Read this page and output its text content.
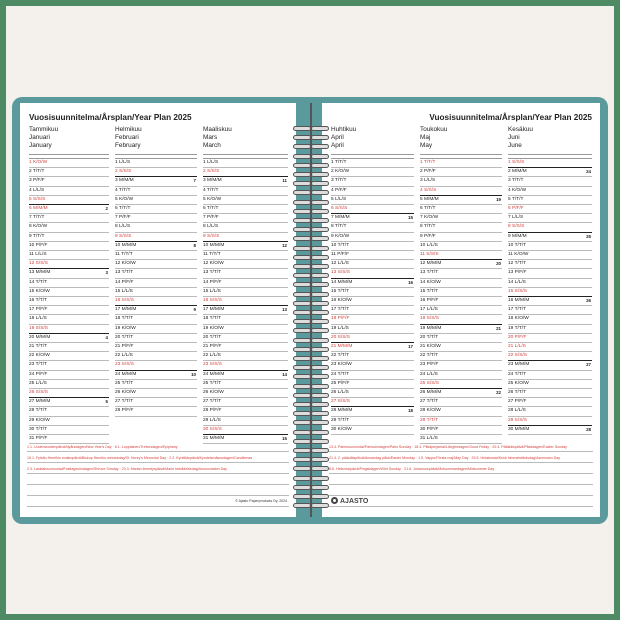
Vuosisuunnitelma/Årsplan/Year Plan 2025
Tammikuu
Januari
January
1 K/O/W
2 T/T/T
3 P/F/F
4 L/L/S
5 S/S/S
6 M/M/M	2
7 T/T/T
8 K/O/W
9 T/T/T
10 P/F/F
11 L/L/S
12 S/S/S
13 M/M/M	3
14 T/T/T
15 K/O/W
16 T/T/T
17 P/F/F
18 L/L/S
19 S/S/S
20 M/M/M	4
21 T/T/T
22 K/O/W
23 T/T/T
24 P/F/F
25 L/L/S
26 S/S/S
27 M/M/M	5
28 T/T/T
29 K/O/W
30 T/T/T
31 P/F/F
Helmikuu
Februari
February
1 L/L/S
2 S/S/S
3 M/M/M	7
4 T/T/T
5 K/O/W
6 T/T/T
7 P/F/F
8 L/L/S
9 S/S/S
10 M/M/M	8
11 T/T/T
12 K/O/W
13 T/T/T
14 P/F/F
15 L/L/S
16 S/S/S
17 M/M/M	9
18 T/T/T
19 K/O/W
20 T/T/T
21 P/F/F
22 L/L/S
23 S/S/S
24 M/M/M	10
25 T/T/T
26 K/O/W
27 T/T/T
28 P/F/F
Maaliskuu
Mars
March
1 L/L/S
2 S/S/S
3 M/M/M	11
4 T/T/T
5 K/O/W
6 T/T/T
7 P/F/F
8 L/L/S
9 S/S/S
10 M/M/M	12
11 T/T/T
12 K/O/W
13 T/T/T
14 P/F/F
15 L/L/S
16 S/S/S
17 M/M/M	13
18 T/T/T
19 K/O/W
20 T/T/T
21 P/F/F
22 L/L/S
23 S/S/S
24 M/M/M	14
25 T/T/T
26 K/O/W
27 T/T/T
28 P/F/F
29 L/L/S
30 S/S/S
31 M/M/M	15
1.1. Uudenvuodenpäivä/Nyårsdagen/New Year's Day · 6.1. Loppiainen/Trettondagen/Epiphany
19.1. Fylsän Henrikin muistopäivä/Biskop Henriks minnesdag/St. Henry's Memorial Day · 2.2. Kynttilänpäivä/Kyndelsmässodagen/Candlemas
2.3. Laskiaissunnuntai/Fastlagssöndagen/Shrove Sunday · 23.3. Marian ilmestyspäivä/Marie bebådelsedag/Annunciation Day
© Ajasto Paperproducts Oy, 2024
Vuosisuunnitelma/Årsplan/Year Plan 2025
Huhtikuu
April
April
1 T/T/T
2 K/O/W
3 T/T/T
4 P/F/F
5 L/L/S
6 S/S/S
7 M/M/M	15
8 T/T/T
9 K/O/W
10 T/T/T
11 P/F/F
12 L/L/S
13 S/S/S
14 M/M/M	16
15 T/T/T
16 K/O/W
17 T/T/T
18 P/F/F
19 L/L/S
20 S/S/S
21 M/M/M	17
22 T/T/T
23 K/O/W
24 T/T/T
25 P/F/F
26 L/L/S
27 S/S/S
28 M/M/M	18
29 T/T/T
30 K/O/W
Toukokuu
Maj
May
1 T/T/T
2 P/F/F
3 L/L/S
4 S/S/S
5 M/M/M	19
6 T/T/T
7 K/O/W
8 T/T/T
9 P/F/F
10 L/L/S
11 S/S/S
12 M/M/M	20
13 T/T/T
14 K/O/W
15 T/T/T
16 P/F/F
17 L/L/S
18 S/S/S
19 M/M/M	21
20 T/T/T
21 K/O/W
22 T/T/T
23 P/F/F
24 L/L/S
25 S/S/S
26 M/M/M	22
27 T/T/T
28 K/O/W
29 T/T/T
30 P/F/F
31 L/L/S
Kesäkuu
Juni
June
1 S/S/S
2 M/M/M	24
3 T/T/T
4 K/O/W
5 T/T/T
6 P/F/F
7 L/L/S
8 S/S/S
9 M/M/M	25
10 T/T/T
11 K/O/W
12 T/T/T
13 P/F/F
14 L/L/S
15 S/S/S
16 M/M/M	26
17 T/T/T
18 K/O/W
19 T/T/T
20 P/F/F
21 L/L/S
22 S/S/S
23 M/M/M	27
24 T/T/T
25 K/O/W
26 T/T/T
27 P/F/F
28 L/L/S
29 S/S/S
30 M/M/M	28
13.4. Palmusunnuntai/Palmsöndagen/Palm Sunday · 18.4. Pitkäperjantai/Långfredagen/Good Friday · 20.4. Pääsiäispäivä/Påskdagen/Easter Sunday
21.4. 2. pääsiäispäivä/Annandag påsk/Easter Monday · 1.5. Vappu/Första maj/May Day · 29.5. Helatorstai/Kristi himmelsfärdsdag/Ascension Day
8.6. Helluntaipäivä/Pingstdagen/Whit Sunday · 21.6. Juhannuspäivä/Midsommardagen/Midsummer Day
AJASTO
